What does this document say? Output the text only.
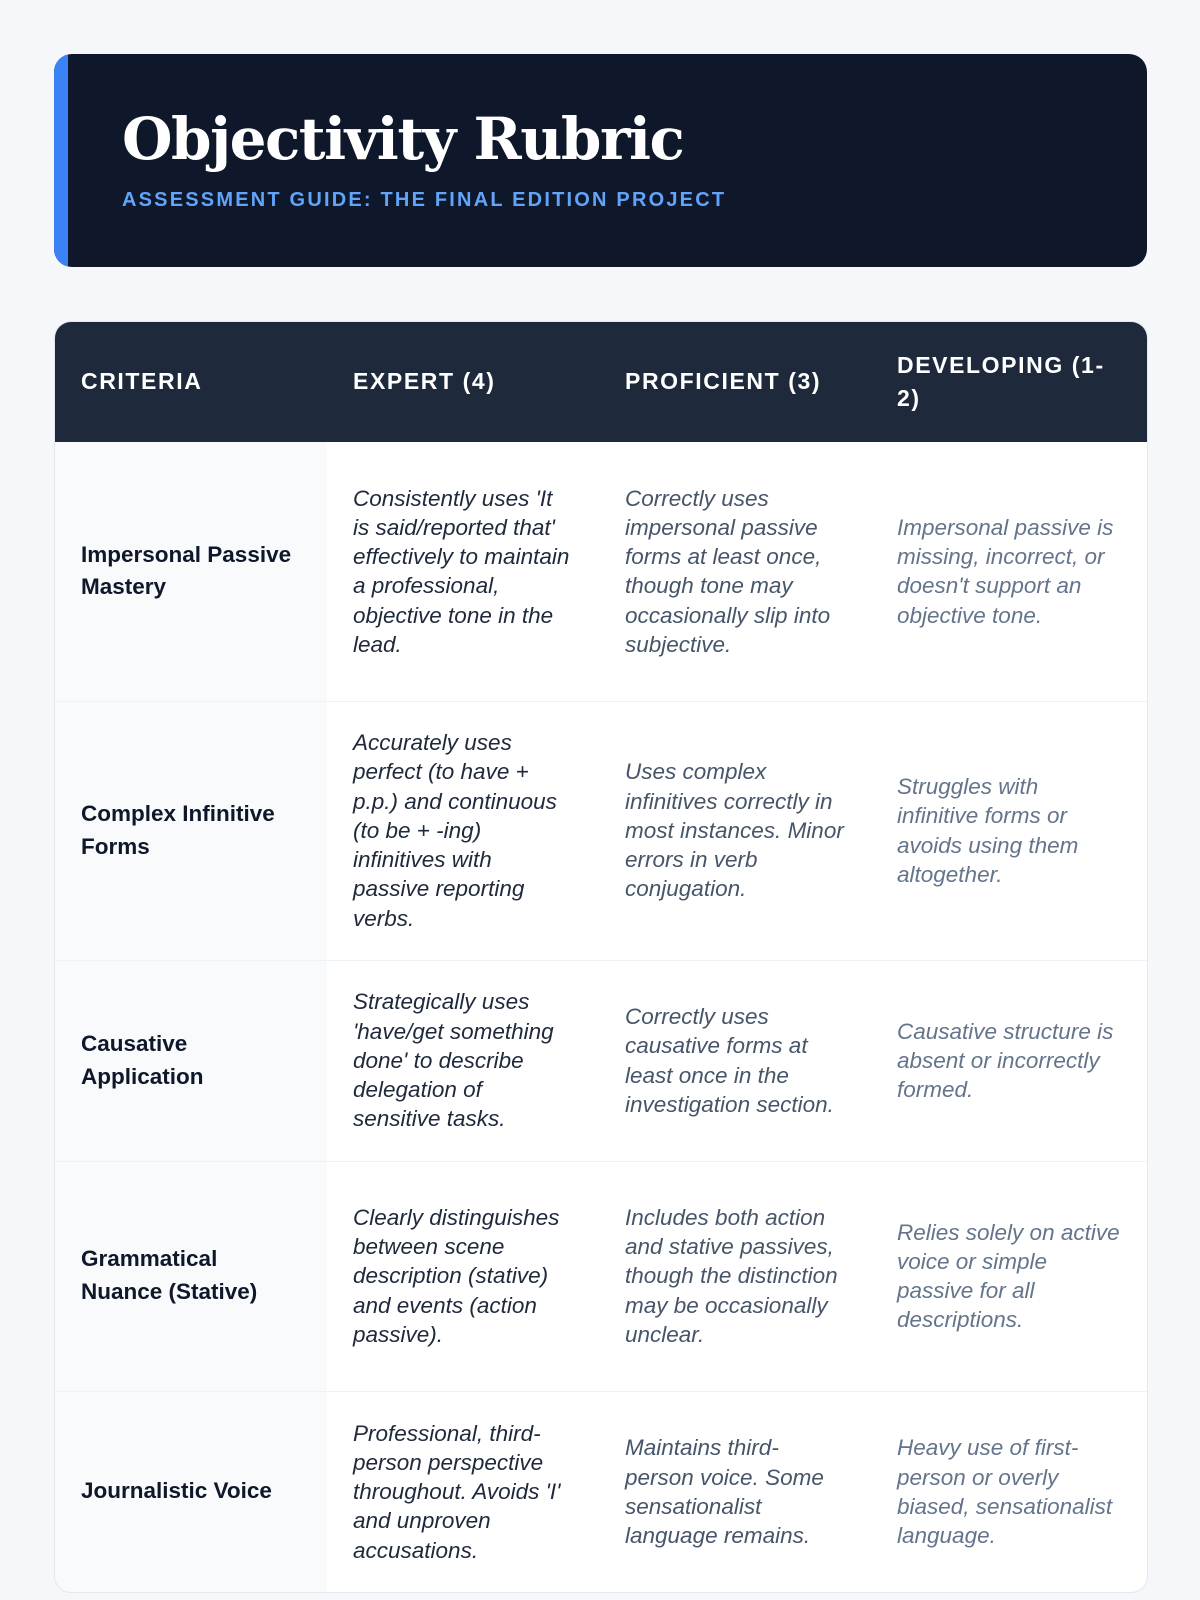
Objectivity Rubric
ASSESSMENT GUIDE: THE FINAL EDITION PROJECT
CRITERIA	EXPERT (4)	PROFICIENT (3)	DEVELOPING (1-2)
Impersonal Passive Mastery	Consistently uses 'It is said/reported that' effectively to maintain a professional, objective tone in the lead.	Correctly uses impersonal passive forms at least once, though tone may occasionally slip into subjective.	Impersonal passive is missing, incorrect, or doesn't support an objective tone.
Complex Infinitive Forms	Accurately uses perfect (to have + p.p.) and continuous (to be + -ing) infinitives with passive reporting verbs.	Uses complex infinitives correctly in most instances. Minor errors in verb conjugation.	Struggles with infinitive forms or avoids using them altogether.
Causative Application	Strategically uses 'have/get something done' to describe delegation of sensitive tasks.	Correctly uses causative forms at least once in the investigation section.	Causative structure is absent or incorrectly formed.
Grammatical Nuance (Stative)	Clearly distinguishes between scene description (stative) and events (action passive).	Includes both action and stative passives, though the distinction may be occasionally unclear.	Relies solely on active voice or simple passive for all descriptions.
Journalistic Voice	Professional, third-person perspective throughout. Avoids 'I' and unproven accusations.	Maintains third-person voice. Some sensationalist language remains.	Heavy use of first-person or overly biased, sensationalist language.
